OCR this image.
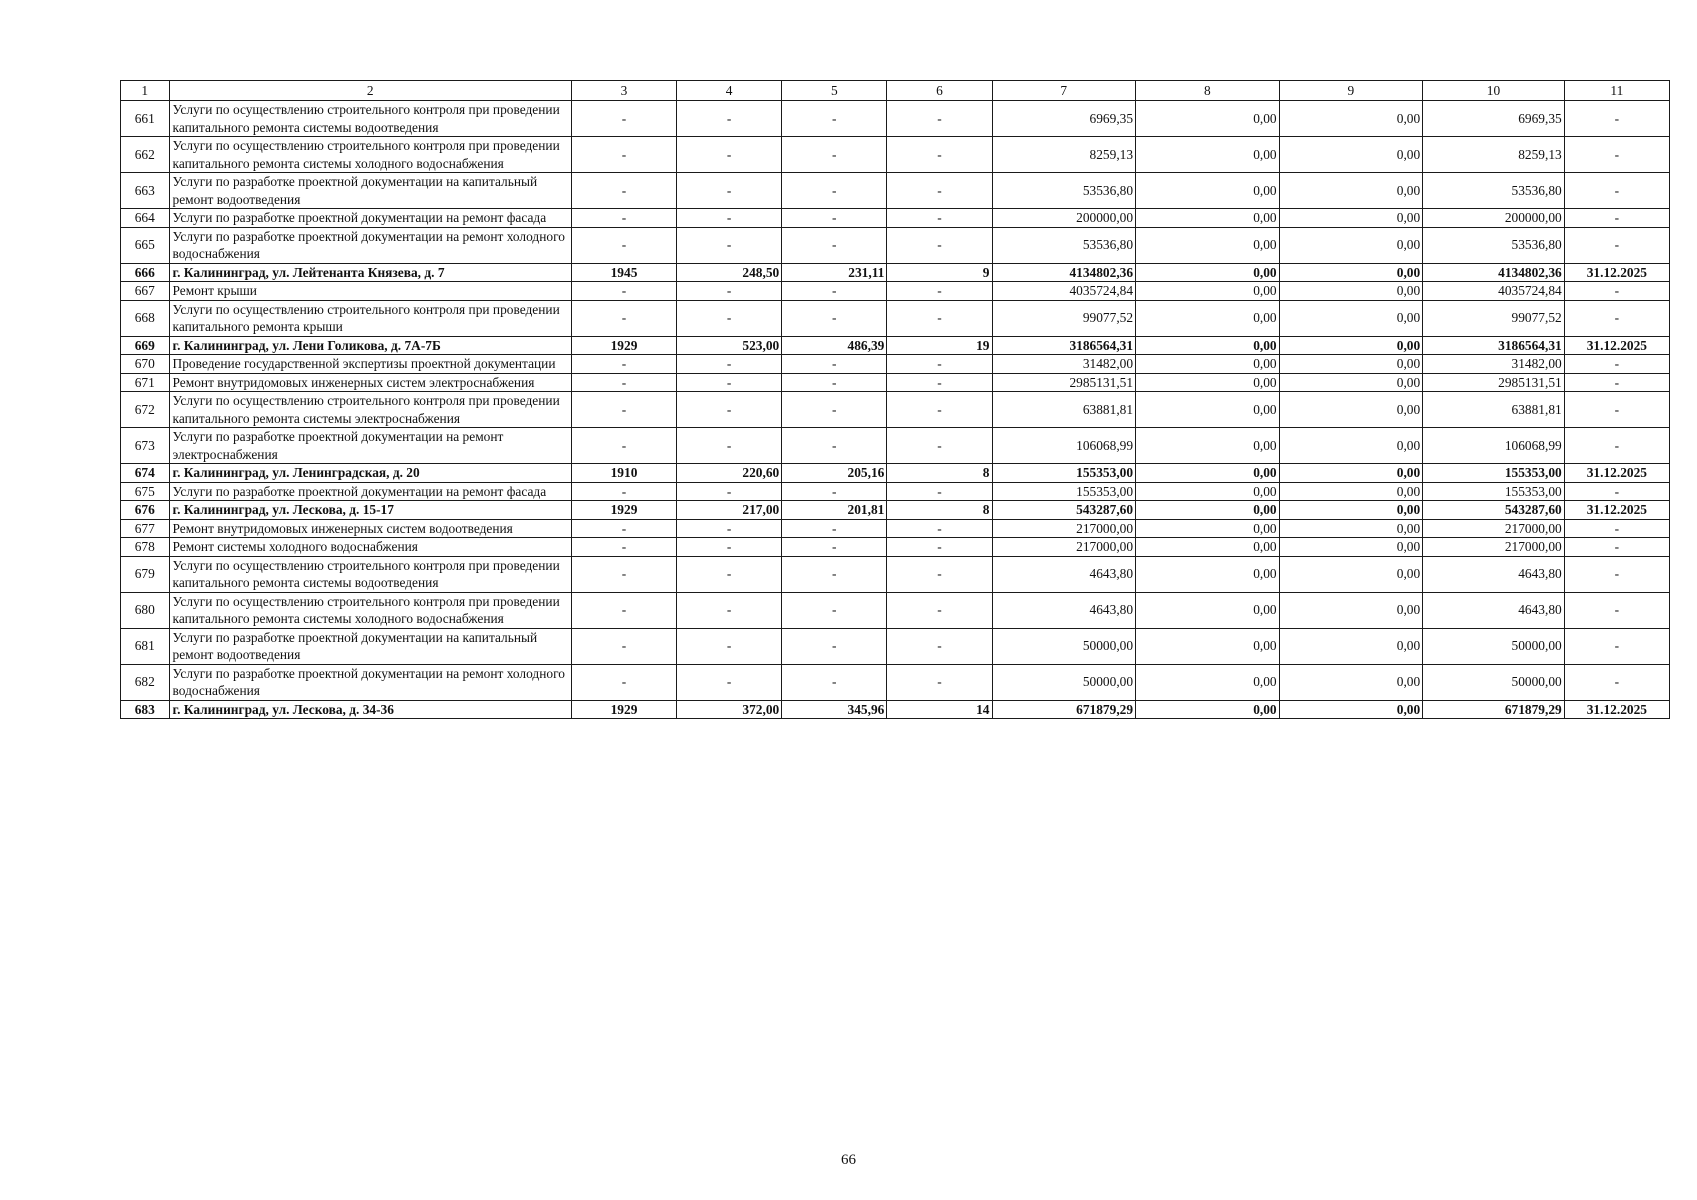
1	2	3	4	5	6	7	8	9	10	11
661	Услуги по осуществлению строительного контроля при проведении капитального ремонта системы водоотведения	-	-	-	-	6969,35	0,00	0,00	6969,35	-
662	Услуги по осуществлению строительного контроля при проведении капитального ремонта системы холодного водоснабжения	-	-	-	-	8259,13	0,00	0,00	8259,13	-
663	Услуги по разработке проектной документации на капитальный ремонт водоотведения	-	-	-	-	53536,80	0,00	0,00	53536,80	-
664	Услуги по разработке проектной документации на ремонт фасада	-	-	-	-	200000,00	0,00	0,00	200000,00	-
665	Услуги по разработке проектной документации на ремонт холодного водоснабжения	-	-	-	-	53536,80	0,00	0,00	53536,80	-
666	г. Калининград, ул. Лейтенанта Князева, д. 7	1945	248,50	231,11	9	4134802,36	0,00	0,00	4134802,36	31.12.2025
667	Ремонт крыши	-	-	-	-	4035724,84	0,00	0,00	4035724,84	-
668	Услуги по осуществлению строительного контроля при проведении капитального ремонта крыши	-	-	-	-	99077,52	0,00	0,00	99077,52	-
669	г. Калининград, ул. Лени Голикова, д. 7А-7Б	1929	523,00	486,39	19	3186564,31	0,00	0,00	3186564,31	31.12.2025
670	Проведение государственной экспертизы проектной документации	-	-	-	-	31482,00	0,00	0,00	31482,00	-
671	Ремонт внутридомовых инженерных систем электроснабжения	-	-	-	-	2985131,51	0,00	0,00	2985131,51	-
672	Услуги по осуществлению строительного контроля при проведении капитального ремонта системы электроснабжения	-	-	-	-	63881,81	0,00	0,00	63881,81	-
673	Услуги по разработке проектной документации на ремонт электроснабжения	-	-	-	-	106068,99	0,00	0,00	106068,99	-
674	г. Калининград, ул. Ленинградская, д. 20	1910	220,60	205,16	8	155353,00	0,00	0,00	155353,00	31.12.2025
675	Услуги по разработке проектной документации на ремонт фасада	-	-	-	-	155353,00	0,00	0,00	155353,00	-
676	г. Калининград, ул. Лескова, д. 15-17	1929	217,00	201,81	8	543287,60	0,00	0,00	543287,60	31.12.2025
677	Ремонт внутридомовых инженерных систем водоотведения	-	-	-	-	217000,00	0,00	0,00	217000,00	-
678	Ремонт системы холодного водоснабжения	-	-	-	-	217000,00	0,00	0,00	217000,00	-
679	Услуги по осуществлению строительного контроля при проведении капитального ремонта системы водоотведения	-	-	-	-	4643,80	0,00	0,00	4643,80	-
680	Услуги по осуществлению строительного контроля при проведении капитального ремонта системы холодного водоснабжения	-	-	-	-	4643,80	0,00	0,00	4643,80	-
681	Услуги по разработке проектной документации на капитальный ремонт водоотведения	-	-	-	-	50000,00	0,00	0,00	50000,00	-
682	Услуги по разработке проектной документации на ремонт холодного водоснабжения	-	-	-	-	50000,00	0,00	0,00	50000,00	-
683	г. Калининград, ул. Лескова, д. 34-36	1929	372,00	345,96	14	671879,29	0,00	0,00	671879,29	31.12.2025
66
